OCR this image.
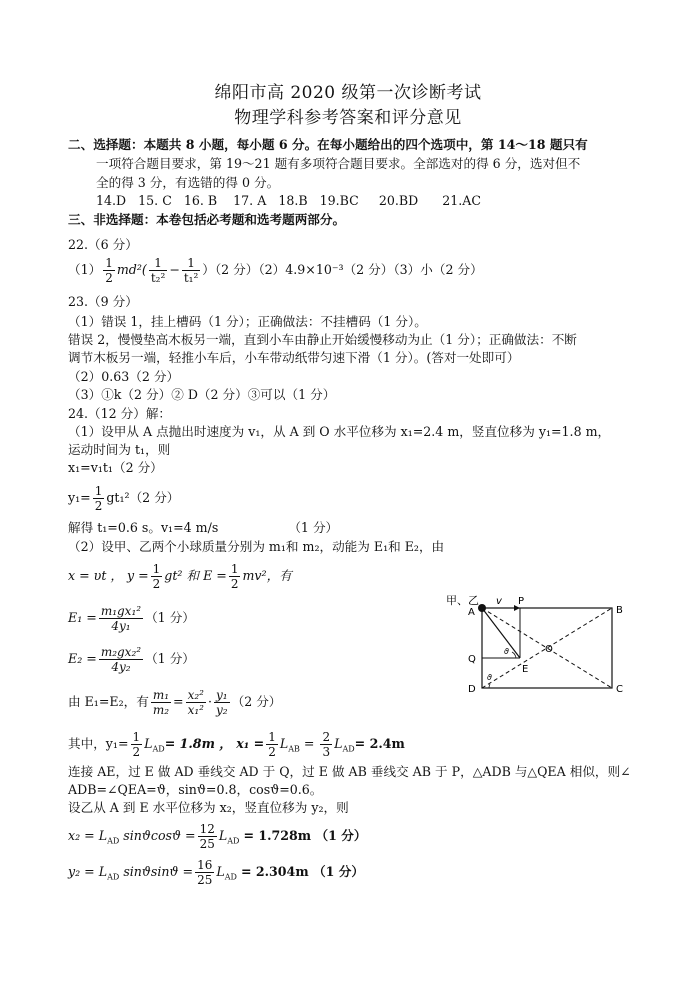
绵阳市高 2020 级第一次诊断考试
物理学科参考答案和评分意见
二、选择题：本题共 8 小题，每小题 6 分。在每小题给出的四个选项中，第 14～18 题只有
一项符合题目要求，第 19～21 题有多项符合题目要求。全部选对的得 6 分，选对但不
全的得 3 分，有选错的得 0 分。
14.D 15. C 16. B 17. A 18.B 19.BC 20.BD 21.AC
三、非选择题：本卷包括必考题和选考题两部分。
22.（6 分）
$(1) \frac{1}{2} md^2( \frac{1}{\text{t₂²}} - \frac{1}{\text{t₁²}} )(2$ 分）（2）4.9×10⁻³（2 分）（3）小（2 分）
23.（9 分）
（1）错误 1，挂上槽码（1 分）；正确做法：不挂槽码（1 分）。
错误 2，慢慢垫高木板另一端，直到小车由静止开始缓慢移动为止（1 分）；正确做法：不断
调节木板另一端，轻推小车后，小车带动纸带匀速下滑（1 分）。(答对一处即可）
（2）0.63（2 分）
（3）①k（2 分）② D（2 分）③可以（1 分）
24.（12 分）解：
（1）设甲从 A 点抛出时速度为 v₁，从 A 到 O 水平位移为 x₁=2.4 m，竖直位移为 y₁=1.8 m，
运动时间为 t₁，则
x₁=v₁t₁（2 分）
$y_1= \frac{1}{2} gt_1^2(2$ 分）
解得 t₁=0.6 s。v₁=4 m/s	（1 分）
（2）设甲、乙两个小球质量分别为 m₁和 m₂，动能为 E₁和 E₂，由
x = υt ， $y = \frac{1}{2} gt^2$ 和 $E = \frac{1}{2} mv^2$，有
$E_1 = \frac{\text{m₁gx₁²}}{\text{4y₁}} (1$ 分）
$E_2 = \frac{\text{m₂gx₂²}}{\text{4y₂}} (1$ 分）
由 E₁=E₂，有 $\frac{\text{m₁}}{\text{m₂}} = \frac{\text{x₂²}}{\text{x₁²}} \cdot \frac{\text{y₁}}{\text{y₂}} (2$ 分）
其中，$y_1= \frac{1}{2} L_{AD}= 1.8m$ ， $x_1 = \frac{1}{2} L_{AB} = \frac{2}{3} L_{AD}= 2.4m$
连接 AE，过 E 做 AD 垂线交 AD 于 Q，过 E 做 AB 垂线交 AB 于 P，△ADB 与△QEA 相似，则∠
ADB=∠QEA=ϑ，sinϑ=0.8，cosϑ=0.6。
设乙从 A 到 E 水平位移为 x₂，竖直位移为 y₂，则
$x_2 = L_{AD}$ $\sin ϑ\cos ϑ = \frac{12}{25} L_{AD} = 1.728m$ （1 分）
$y_2 = L_{AD}$ $\sin ϑ\sin ϑ = \frac{16}{25} L_{AD} = 2.304m$ （1 分）
甲、乙 v
A	B
C
D
P
Q
E
O
ϑ
ϑ
